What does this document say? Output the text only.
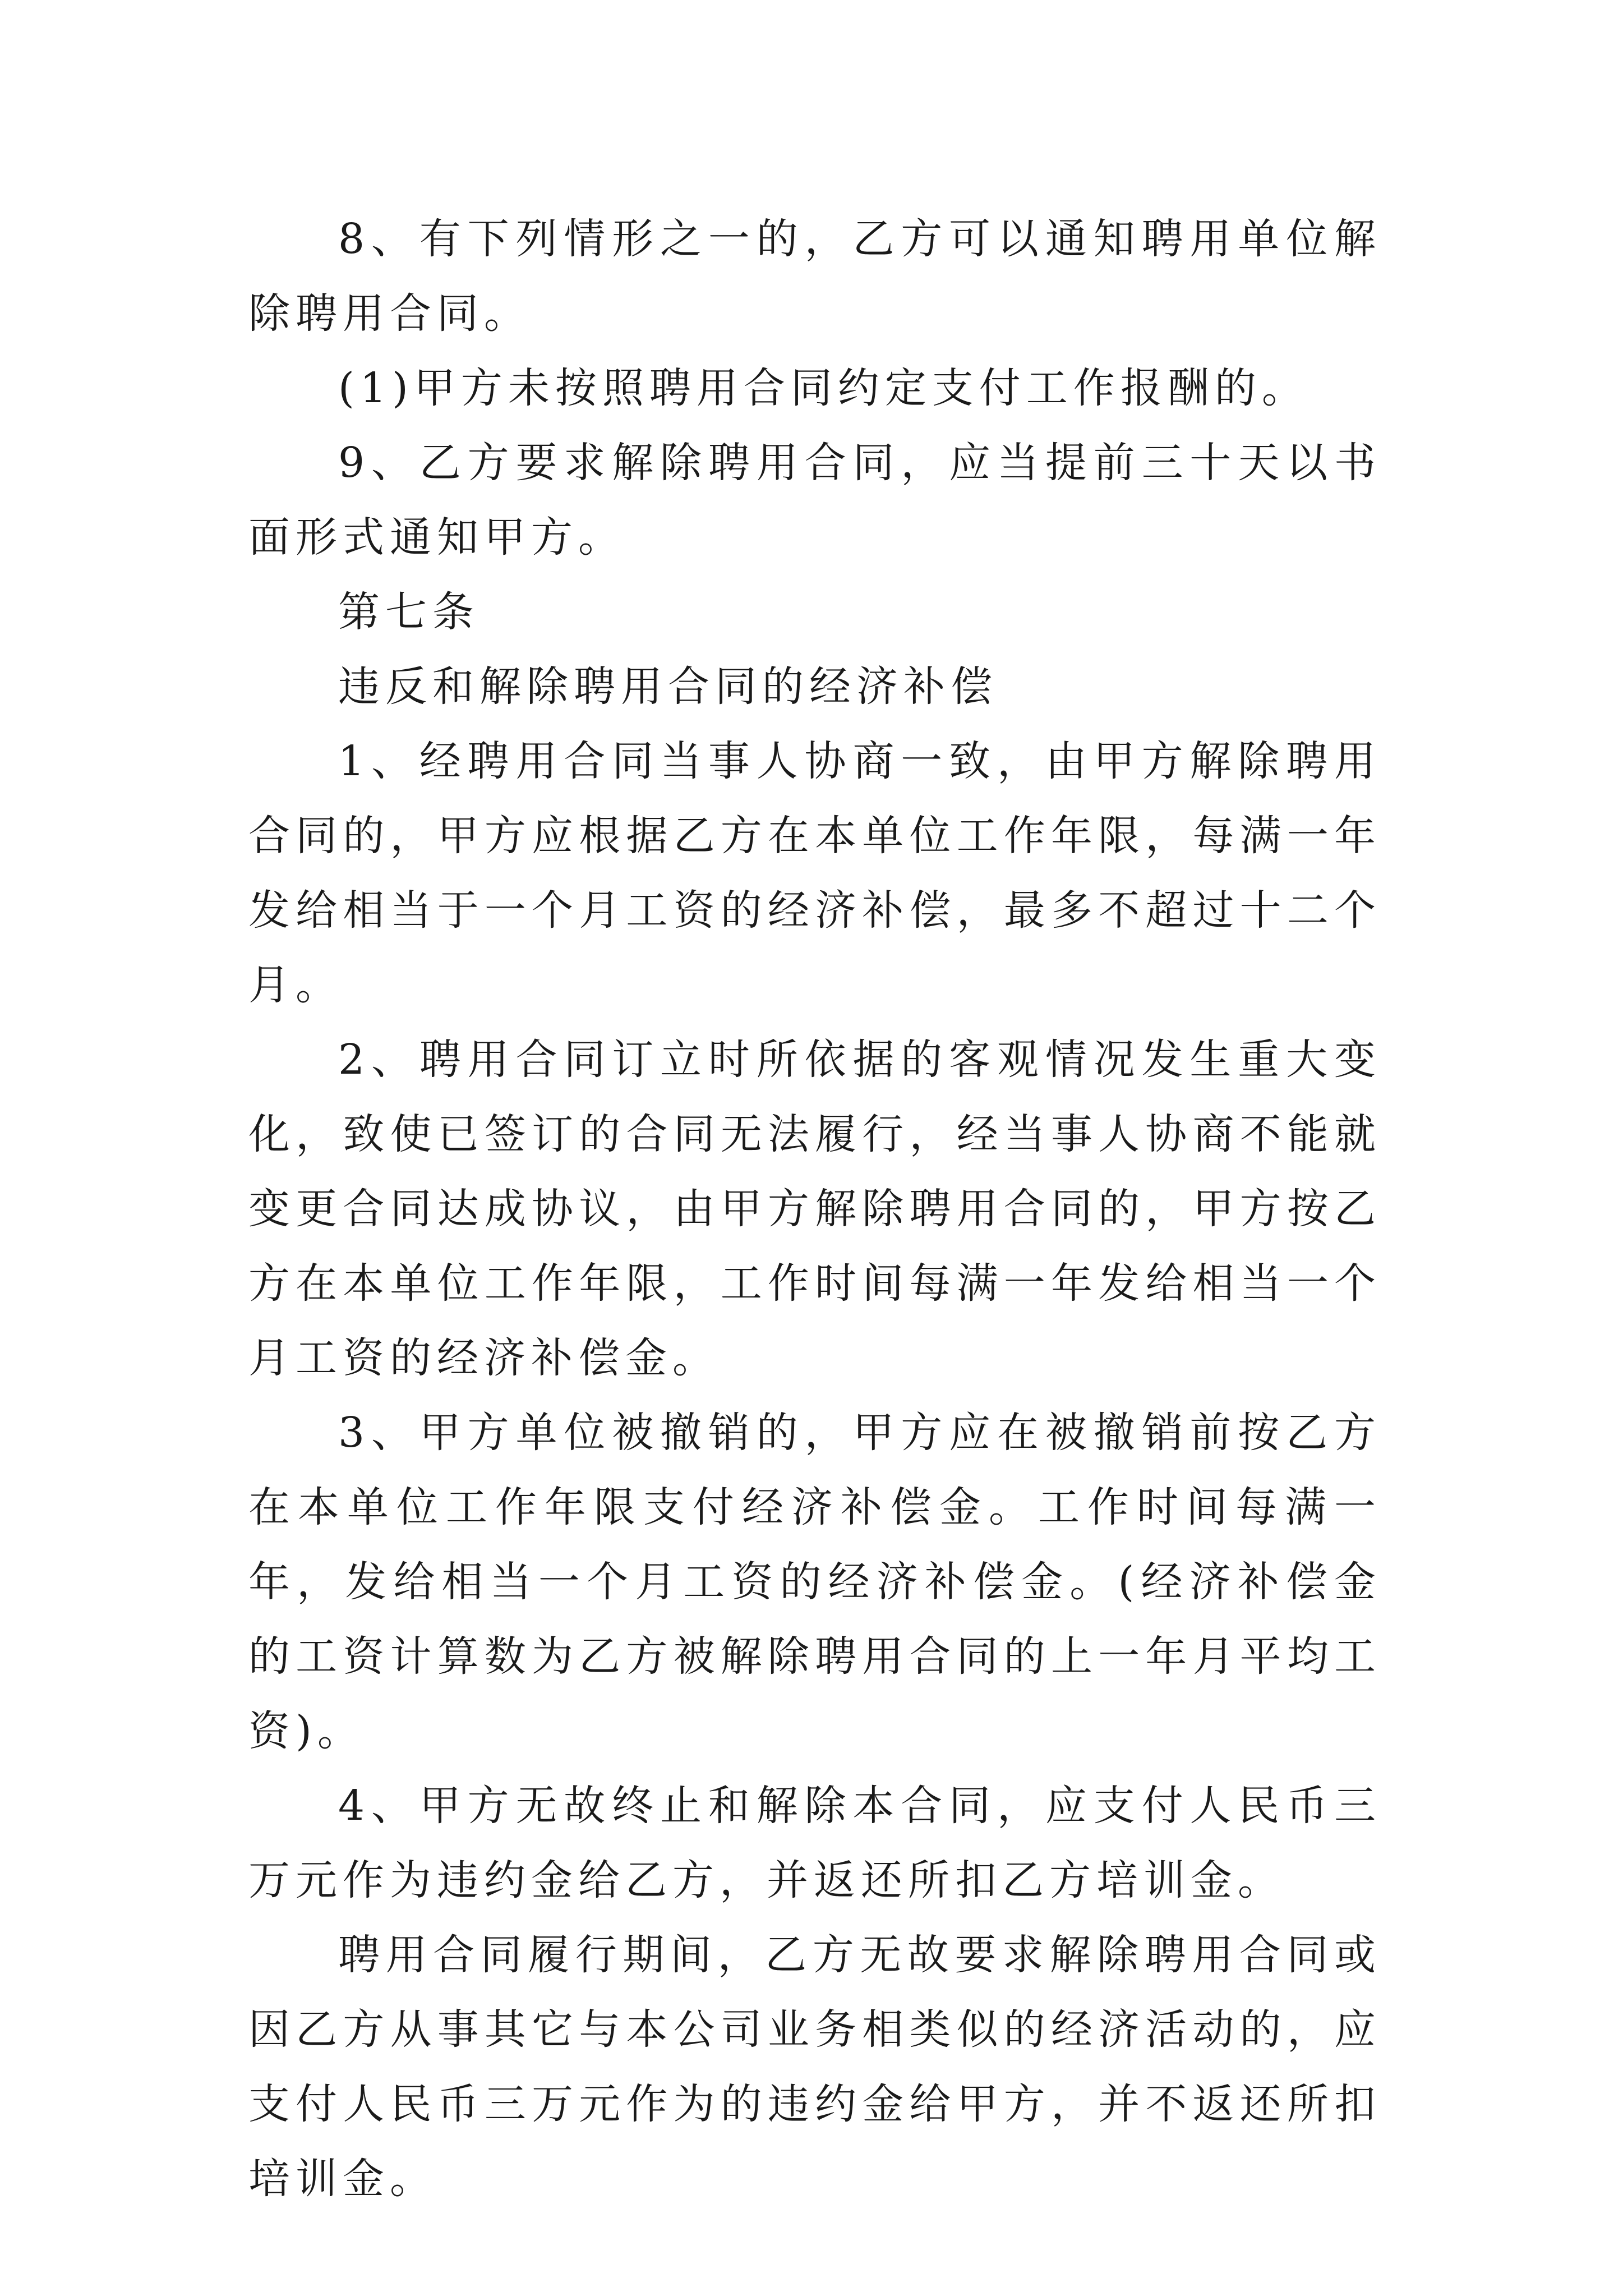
8、有下列情形之一的，乙方可以通知聘用单位解除聘用合同。

(1)甲方未按照聘用合同约定支付工作报酬的。

9、乙方要求解除聘用合同，应当提前三十天以书面形式通知甲方。

第七条

违反和解除聘用合同的经济补偿

1、经聘用合同当事人协商一致，由甲方解除聘用合同的，甲方应根据乙方在本单位工作年限，每满一年发给相当于一个月工资的经济补偿，最多不超过十二个月。

2、聘用合同订立时所依据的客观情况发生重大变化，致使已签订的合同无法履行，经当事人协商不能就变更合同达成协议，由甲方解除聘用合同的，甲方按乙方在本单位工作年限，工作时间每满一年发给相当一个月工资的经济补偿金。

3、甲方单位被撤销的，甲方应在被撤销前按乙方在本单位工作年限支付经济补偿金。工作时间每满一年，发给相当一个月工资的经济补偿金。(经济补偿金的工资计算数为乙方被解除聘用合同的上一年月平均工资)。

4、甲方无故终止和解除本合同，应支付人民币三万元作为违约金给乙方，并返还所扣乙方培训金。

聘用合同履行期间，乙方无故要求解除聘用合同或因乙方从事其它与本公司业务相类似的经济活动的，应支付人民币三万元作为的违约金给甲方，并不返还所扣培训金。
